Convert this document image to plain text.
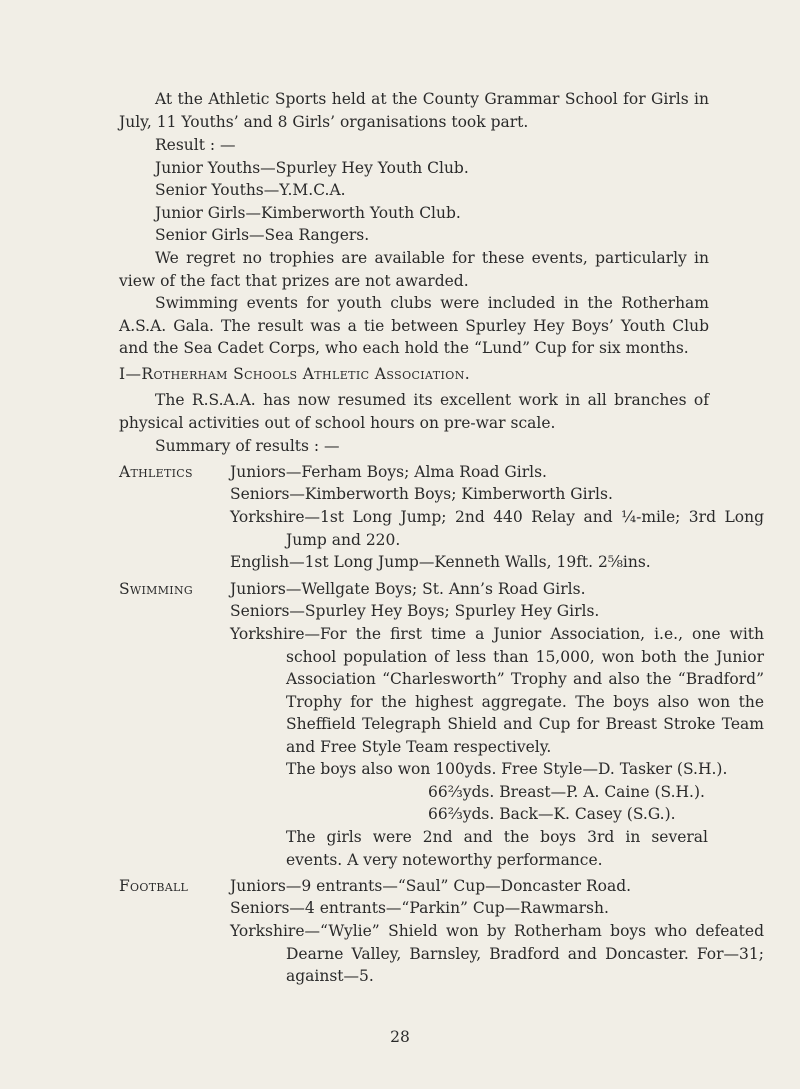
At the Athletic Sports held at the County Grammar School for Girls in July, 11 Youths’ and 8 Girls’ organisations took part.

Result : —

Junior Youths—Spurley Hey Youth Club.

Senior Youths—Y.M.C.A.

Junior Girls—Kimberworth Youth Club.

Senior Girls—Sea Rangers.

We regret no trophies are available for these events, particularly in view of the fact that prizes are not awarded.

Swimming events for youth clubs were included in the Rotherham A.S.A. Gala. The result was a tie between Spurley Hey Boys’ Youth Club and the Sea Cadet Corps, who each hold the “Lund” Cup for six months.

I—Rotherham Schools Athletic Association.

The R.S.A.A. has now resumed its excellent work in all branches of physical activities out of school hours on pre-war scale.

Summary of results : —

Athletics Juniors—Ferham Boys; Alma Road Girls.

Seniors—Kimberworth Boys; Kimberworth Girls.

Yorkshire—1st Long Jump; 2nd 440 Relay and ¼-mile; 3rd Long Jump and 220.

English—1st Long Jump—Kenneth Walls, 19ft. 2⅝ins.

Swimming Juniors—Wellgate Boys; St. Ann’s Road Girls.

Seniors—Spurley Hey Boys; Spurley Hey Girls.

Yorkshire—For the first time a Junior Association, i.e., one with school population of less than 15,000, won both the Junior Association “Charlesworth” Trophy and also the “Bradford” Trophy for the highest aggregate. The boys also won the Sheffield Telegraph Shield and Cup for Breast Stroke Team and Free Style Team respectively.

The boys also won 100yds. Free Style—D. Tasker (S.H.).

66⅔yds. Breast—P. A. Caine (S.H.).

66⅔yds. Back—K. Casey (S.G.).

The girls were 2nd and the boys 3rd in several events. A very noteworthy performance.

Football	Juniors—9 entrants—“Saul” Cup—Doncaster Road.

Seniors—4 entrants—“Parkin” Cup—Rawmarsh.

Yorkshire—“Wylie” Shield won by Rotherham boys who defeated Dearne Valley, Barnsley, Bradford and Doncaster. For—31; against—5.

28
